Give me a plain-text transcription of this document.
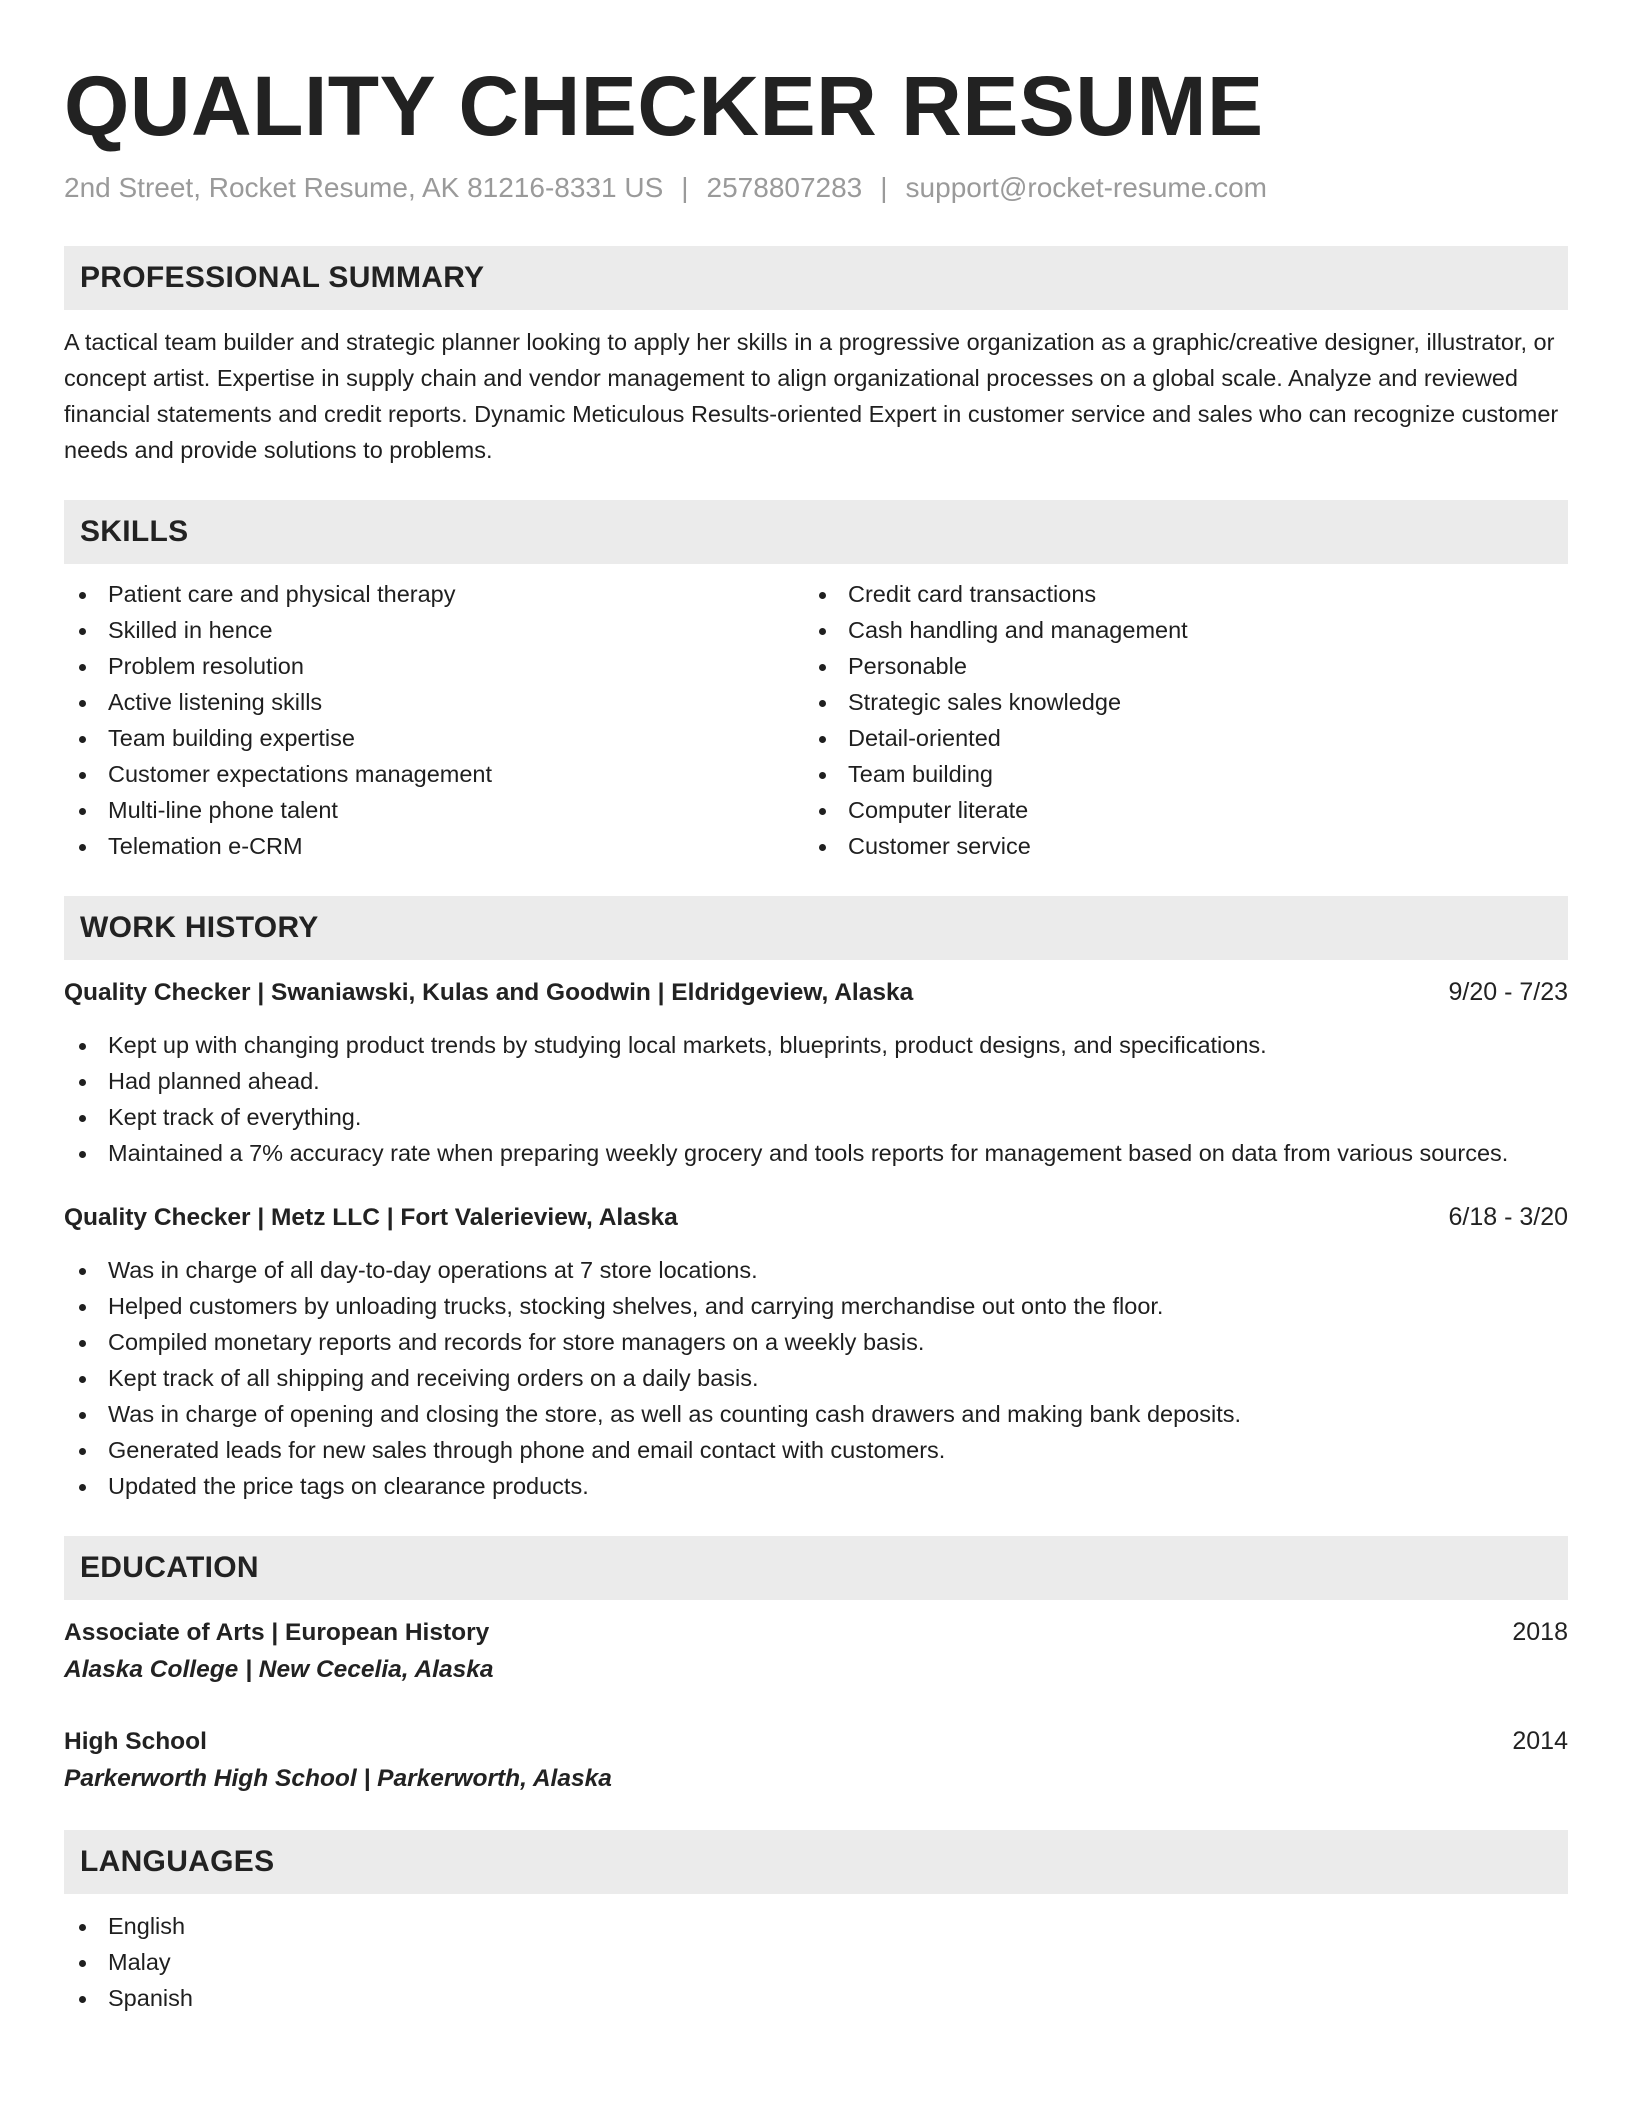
QUALITY CHECKER RESUME
2nd Street, Rocket Resume, AK 81216-8331 US | 2578807283 | support@rocket-resume.com
PROFESSIONAL SUMMARY

A tactical team builder and strategic planner looking to apply her skills in a progressive organization as a graphic/creative designer, illustrator, or concept artist. Expertise in supply chain and vendor management to align organizational processes on a global scale. Analyze and reviewed financial statements and credit reports. Dynamic Meticulous Results-oriented Expert in customer service and sales who can recognize customer needs and provide solutions to problems.

SKILLS
Patient care and physical therapy
Skilled in hence
Problem resolution
Active listening skills
Team building expertise
Customer expectations management
Multi-line phone talent
Telemation e-CRM
Credit card transactions
Cash handling and management
Personable
Strategic sales knowledge
Detail-oriented
Team building
Computer literate
Customer service
WORK HISTORY
Quality Checker | Swaniawski, Kulas and Goodwin | Eldridgeview, Alaska	9/20 - 7/23
Kept up with changing product trends by studying local markets, blueprints, product designs, and specifications.
Had planned ahead.
Kept track of everything.
Maintained a 7% accuracy rate when preparing weekly grocery and tools reports for management based on data from various sources.
Quality Checker | Metz LLC | Fort Valerieview, Alaska	6/18 - 3/20
Was in charge of all day-to-day operations at 7 store locations.
Helped customers by unloading trucks, stocking shelves, and carrying merchandise out onto the floor.
Compiled monetary reports and records for store managers on a weekly basis.
Kept track of all shipping and receiving orders on a daily basis.
Was in charge of opening and closing the store, as well as counting cash drawers and making bank deposits.
Generated leads for new sales through phone and email contact with customers.
Updated the price tags on clearance products.
EDUCATION
Associate of Arts | European History	2018
Alaska College | New Cecelia, Alaska
High School	2014
Parkerworth High School | Parkerworth, Alaska
LANGUAGES
English
Malay
Spanish
